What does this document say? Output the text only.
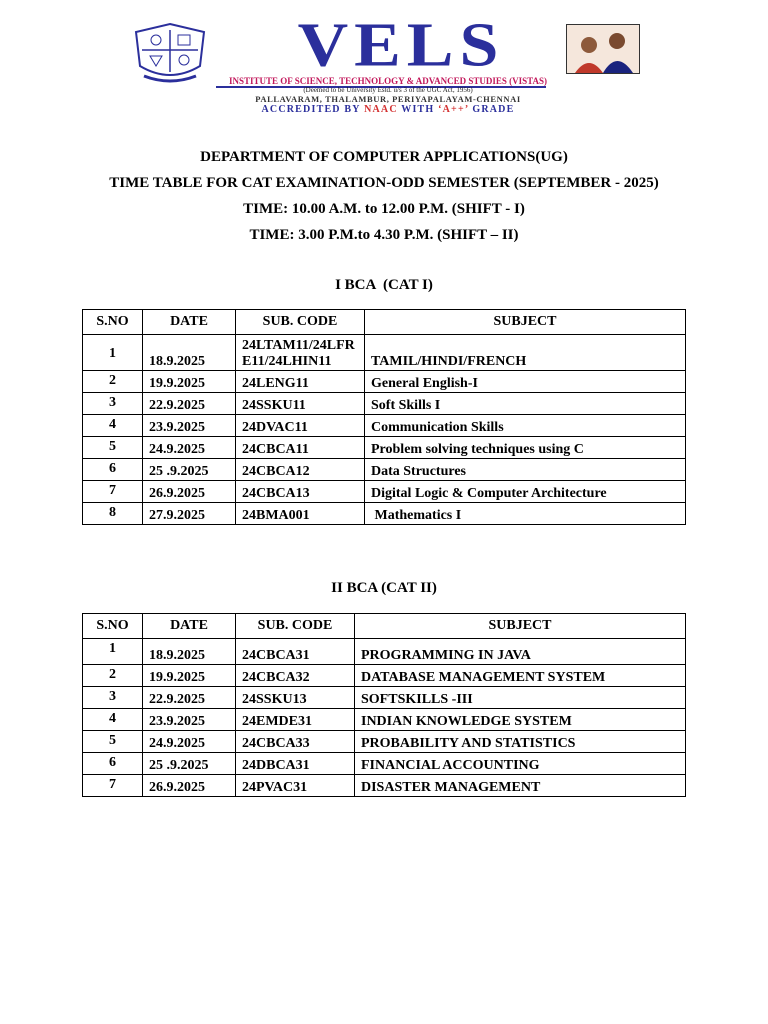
VELS
INSTITUTE OF SCIENCE, TECHNOLOGY & ADVANCED STUDIES (VISTAS)
(Deemed to be University Estd. u/s 3 of the UGC Act, 1956)
PALLAVARAM, THALAMBUR, PERIYAPALAYAM-CHENNAI
ACCREDITED BY NAAC WITH ‘A++’ GRADE
DEPARTMENT OF COMPUTER APPLICATIONS(UG)
TIME TABLE FOR CAT EXAMINATION-ODD SEMESTER (SEPTEMBER - 2025)
TIME: 10.00 A.M. to 12.00 P.M. (SHIFT - I)
TIME: 3.00 P.M.to 4.30 P.M. (SHIFT – II)
I BCA  (CAT I)
S.NO	DATE	SUB. CODE	SUBJECT
1	18.9.2025	24LTAM11/24LFRE11/24LHIN11	TAMIL/HINDI/FRENCH
2	19.9.2025	24LENG11	General English-I
3	22.9.2025	24SSKU11	Soft Skills I
4	23.9.2025	24DVAC11	Communication Skills
5	24.9.2025	24CBCA11	Problem solving techniques using C
6	25 .9.2025	24CBCA12	Data Structures
7	26.9.2025	24CBCA13	Digital Logic & Computer Architecture
8	27.9.2025	24BMA001	Mathematics I
II BCA (CAT II)
S.NO	DATE	SUB. CODE	SUBJECT
1	18.9.2025	24CBCA31	PROGRAMMING IN JAVA
2	19.9.2025	24CBCA32	DATABASE MANAGEMENT SYSTEM
3	22.9.2025	24SSKU13	SOFTSKILLS -III
4	23.9.2025	24EMDE31	INDIAN KNOWLEDGE SYSTEM
5	24.9.2025	24CBCA33	PROBABILITY AND STATISTICS
6	25 .9.2025	24DBCA31	FINANCIAL ACCOUNTING
7	26.9.2025	24PVAC31	DISASTER MANAGEMENT
